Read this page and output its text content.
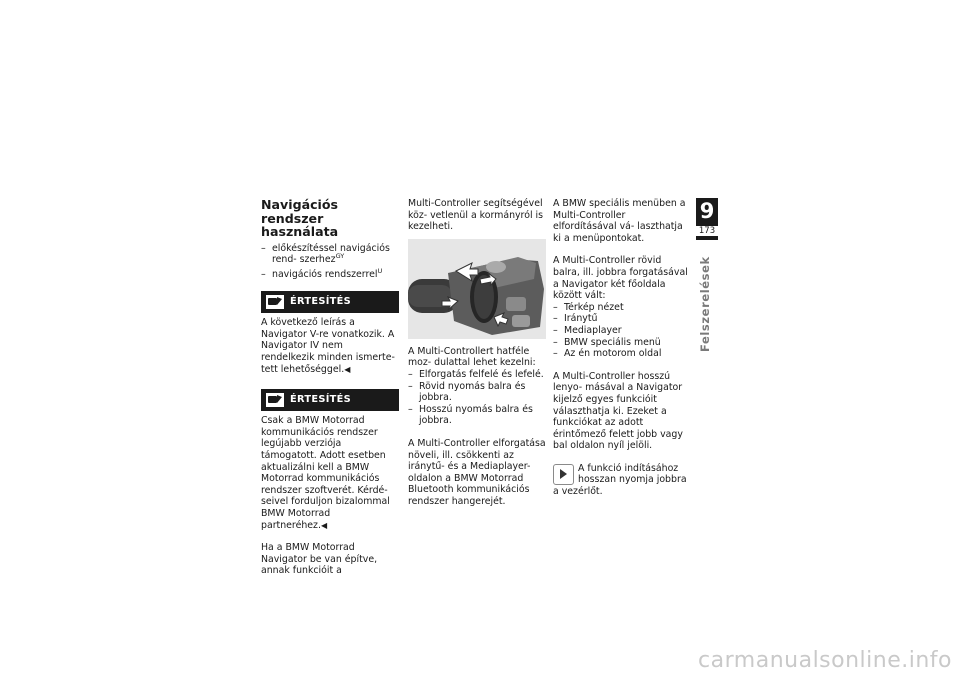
Navigációs rendszer használata
– előkészítéssel navigációs rend- szerhez$^{GY}$
– navigációs rendszerrel$^U$
ÉRTESÍTÉS

A következő leírás a Navigator V-re vonatkozik. A Navigator IV nem rendelkezik minden ismerte- tett lehetőséggel.◀

ÉRTESÍTÉS

Csak a BMW Motorrad kommunikációs rendszer legújabb verziója támogatott. Adott esetben aktualizálni kell a BMW Motorrad kommunikációs rendszer szoftverét. Kérdé- seivel forduljon bizalommal BMW Motorrad partneréhez.◀

Ha a BMW Motorrad Navigator be van építve, annak funkcióit a

Multi-Controller segítségével köz- vetlenül a kormányról is kezelheti.

A Multi-Controllert hatféle moz- dulattal lehet kezelni:

– Elforgatás felfelé és lefelé.
– Rövid nyomás balra és jobbra.
– Hosszú nyomás balra és jobbra.

A Multi-Controller elforgatása növeli, ill. csökkenti az iránytű- és a Mediaplayer-oldalon a BMW Motorrad Bluetooth kommunikációs rendszer hangerejét.

A BMW speciális menüben a Multi-Controller elfordításával vá- laszthatja ki a menüpontokat.

A Multi-Controller rövid balra, ill. jobbra forgatásával a Navigator két főoldala között vált:

– Térkép nézet
– Iránytű
– Mediaplayer
– BMW speciális menü
– Az én motorom oldal

A Multi-Controller hosszú lenyo- másával a Navigator kijelző egyes funkcióit választhatja ki. Ezeket a funkciókat az adott érintőmező felett jobb vagy bal oldalon nyíl jelöli.

A funkció indításához hosszan nyomja jobbra a vezérlőt.
9
173
Felszerelések
carmanualsonline.info
